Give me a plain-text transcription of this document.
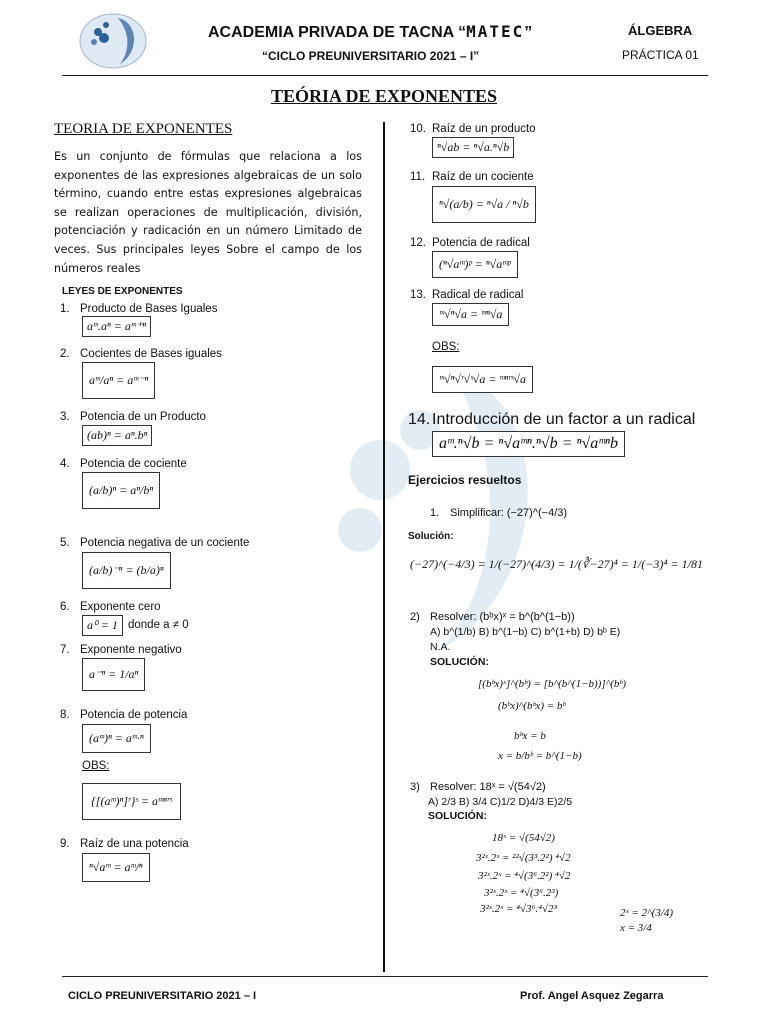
ACADEMIA PRIVADA DE TACNA “MATEC”
“CICLO PREUNIVERSITARIO 2021 – I”
ÁLGEBRA
PRÁCTICA 01
TEÓRIA DE EXPONENTES
TEORIA DE EXPONENTES
Es un conjunto de fórmulas que relaciona a los exponentes de las expresiones algebraicas de un solo término, cuando entre estas expresiones algebraicas se realizan operaciones de multiplicación, división, potenciación y radicación en un número Limitado de veces. Sus principales leyes Sobre el campo de los números reales
LEYES DE EXPONENTES
1. Producto de Bases Iguales
aᵐ.aⁿ = aᵐ⁺ⁿ
2. Cocientes de Bases iguales
aᵐ/aⁿ = aᵐ⁻ⁿ
3. Potencia de un Producto
(ab)ⁿ = aⁿ.bⁿ
4. Potencia de cociente
(a/b)ⁿ = aⁿ/bⁿ
5. Potencia negativa de un cociente
(a/b)⁻ⁿ = (b/a)ⁿ
6. Exponente cero
a⁰ = 1 donde a ≠ 0
7. Exponente negativo
a⁻ⁿ = 1/aⁿ
8. Potencia de potencia
(aᵐ)ⁿ = aᵐ·ⁿ
OBS:
{[(aᵐ)ⁿ]ʳ}ˢ = aᵐⁿʳˢ
9. Raíz de una potencia
ⁿ√aᵐ = aᵐ/ⁿ
10. Raíz de un producto
ⁿ√ab = ⁿ√a.ⁿ√b
11. Raíz de un cociente
ⁿ√(a/b) = ⁿ√a / ⁿ√b
12. Potencia de radical
(ⁿ√aᵐ)ᵖ = ⁿ√aᵐᵖ
13. Radical de radical
ᵐ√ⁿ√a = ᵐⁿ√a
OBS:
ᵐ√ⁿ√ʳ√ˢ√a = ᵐⁿʳˢ√a
14. Introducción de un factor a un radical
aᵐ.ⁿ√b = ⁿ√aᵐⁿ.ⁿ√b = ⁿ√aᵐⁿb
Ejercicios resueltos
1. Simplificar: (−27)^(−4/3)
Solución:
(−27)^(−4/3) = 1/(−27)^(4/3) = 1/(∛−27)⁴ = 1/(−3)⁴ = 1/81
2) Resolver: (bᵇx)ˣ = b^(b^(1−b))
A) b^(1/b) B) b^(1−b) C) b^(1+b) D) bᵇ E)
N.A.
SOLUCIÓN:
[(bᵇx)ˣ]^(bᵇ) = [b^(b^(1−b))]^(bᵇ)
(bᵇx)^(bᵇx) = bᵇ
bᵇx = b
x = b/bᵇ = b^(1−b)
3) Resolver: 18ˣ = √(54√2)
A) 2/3 B) 3/4 C)1/2 D)4/3 E)2/5
SOLUCIÓN:
18ˣ = √(54√2)
3²ˣ.2ˣ = ²²√(3³.2²) ⁴√2
3²ˣ.2ˣ = ⁴√(3⁶.2²) ⁴√2
3²ˣ.2ˣ = ⁴√(3⁶.2³)
3²ˣ.2ˣ = ⁴√3⁶.⁴√2³	2ˣ = 2^(3/4)
x = 3/4
CICLO PREUNIVERSITARIO 2021 – I	Prof. Angel Asquez Zegarra
